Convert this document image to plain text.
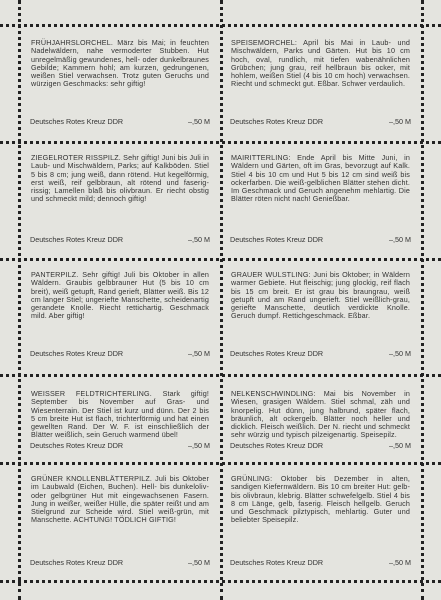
FRÜHJAHRSLORCHEL. März bis Mai; in feuchten Nadelwäldern, nahe vermoderter Stubben. Hut unregelmäßig gewundenes, hell- oder dunkelbraunes Gebilde; Kammern hohl; am kurzen, gedrungenen, weißen Stiel verwachsen. Trotz guten Geruchs und würzigen Geschmacks: sehr giftig!
Deutsches Rotes Kreuz DDR	–,50 M
SPEISEMORCHEL: April bis Mai in Laub- und Mischwäldern, Parks und Gärten. Hut bis 10 cm hoch, oval, rundlich, mit tiefen wabenähnlichen Grübchen; jung grau, reif hellbraun bis ocker, mit hohlem, weißen Stiel (4 bis 10 cm hoch) verwachsen. Riecht und schmeckt gut. Eßbar. Schwer verdaulich.
Deutsches Rotes Kreuz DDR	–,50 M
ZIEGELROTER RISSPILZ. Sehr giftig! Juni bis Juli in Laub- und Mischwäldern, Parks; auf Kalkböden. Stiel 5 bis 8 cm; jung weiß, dann rötend. Hut kegelförmig, erst weiß, reif gelbbraun, alt rötend und faserig-rissig; Lamellen blaß bis olivbraun. Er riecht obstig und schmeckt mild; dennoch giftig!
Deutsches Rotes Kreuz DDR	–,50 M
MAIRITTERLING: Ende April bis Mitte Juni, in Wäldern und Gärten, oft im Gras, bevorzugt auf Kalk. Stiel 4 bis 10 cm und Hut 5 bis 12 cm sind weiß bis ockerfarben. Die weiß-gelblichen Blätter stehen dicht. Im Geschmack und Geruch angenehm mehlartig. Die Blätter röten nicht nach! Genießbar.
Deutsches Rotes Kreuz DDR	–,50 M
PANTERPILZ. Sehr giftig! Juli bis Oktober in allen Wäldern. Graubis gelbbrauner Hut (5 bis 10 cm breit), weiß getupft, Rand gerieft, Blätter weiß. Bis 12 cm langer Stiel; ungeriefte Manschette, scheidenartig gerandete Knolle. Riecht rettichartig. Geschmack mild. Aber giftig!
Deutsches Rotes Kreuz DDR	–,50 M
GRAUER WULSTLING: Juni bis Oktober; in Wäldern warmer Gebiete. Hut fleischig; jung glockig, reif flach bis 15 cm breit. Er ist grau bis braungrau, weiß getupft und am Rand ungerieft. Stiel weißlich-grau, geriefte Manschette, deutlich verdickte Knolle. Geruch dumpf. Rettichgeschmack. Eßbar.
Deutsches Rotes Kreuz DDR	–,50 M
WEISSER FELDTRICHTERLING. Stark giftig! September bis November auf Gras- und Wiesenterrain. Der Stiel ist kurz und dünn. Der 2 bis 5 cm breite Hut ist flach, trichterförmig und hat einen gewellten Rand. Der W. F. ist einschließlich der Blätter weißlich, sein Geruch warmend übel!
Deutsches Rotes Kreuz DDR	–,50 M
NELKENSCHWINDLING: Mai bis November in Wiesen, grasigen Wäldern. Stiel schmal, zäh und knorpelig. Hut dünn, jung halbrund, später flach, bräunlich, alt ockergelb. Blätter noch heller und dicklich. Fleisch weißlich. Der N. riecht und schmeckt sehr würzig und typisch pilzeigenartig. Speisepilz.
Deutsches Rotes Kreuz DDR	–,50 M
GRÜNER KNOLLENBLÄTTERPILZ. Juli bis Oktober im Laubwald (Eichen, Buchen). Hell- bis dunkeloliv- oder gelbgrüner Hut mit eingewachsenen Fasern. Jung in weißer, weißer Hülle, die später reißt und am Stielgrund zur Scheide wird. Stiel weiß-grün, mit Manschette. ACHTUNG! TÖDLICH GIFTIG!
Deutsches Rotes Kreuz DDR	–,50 M
GRÜNLING: Oktober bis Dezember in alten, sandigen Kiefernwäldern. Bis 10 cm breiter Hut: gelb- bis olivbraun, klebrig. Blätter schwefelgelb. Stiel 4 bis 8 cm Länge, gelb, faserig. Fleisch hellgelb. Geruch und Geschmack pilztypisch, mehlartig. Guter und beliebter Speisepilz.
Deutsches Rotes Kreuz DDR	–,50 M
